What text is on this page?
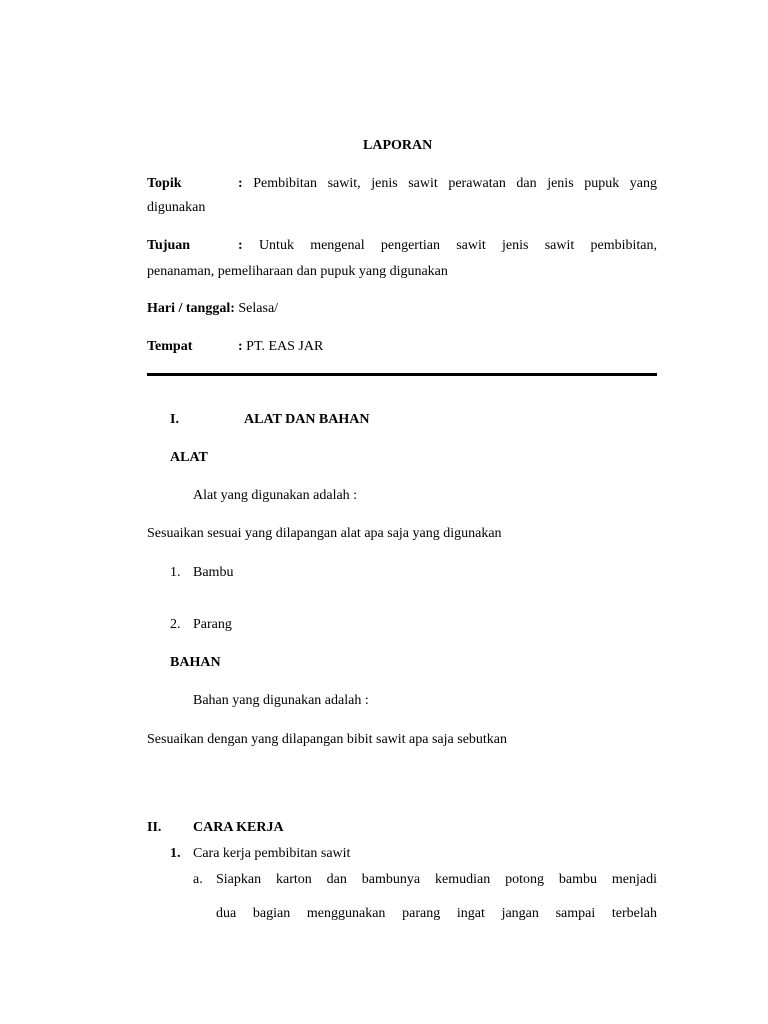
LAPORAN
Topik	: Pembibitan sawit, jenis sawit perawatan dan jenis pupuk yang
digunakan
Tujuan	: Untuk mengenal pengertian sawit jenis sawit pembibitan,
penanaman, pemeliharaan dan pupuk yang digunakan
Hari / tanggal: Selasa/
Tempat	: PT. EAS JAR
I.	ALAT DAN BAHAN
ALAT
Alat yang digunakan adalah :
Sesuaikan sesuai yang dilapangan alat apa saja yang digunakan
1. Bambu
2. Parang
BAHAN
Bahan yang digunakan adalah :
Sesuaikan dengan yang dilapangan bibit sawit apa saja sebutkan
II. CARA KERJA
1. Cara kerja pembibitan sawit
a. Siapkan karton dan bambunya kemudian potong bambu menjadi
dua bagian menggunakan parang ingat jangan sampai terbelah
